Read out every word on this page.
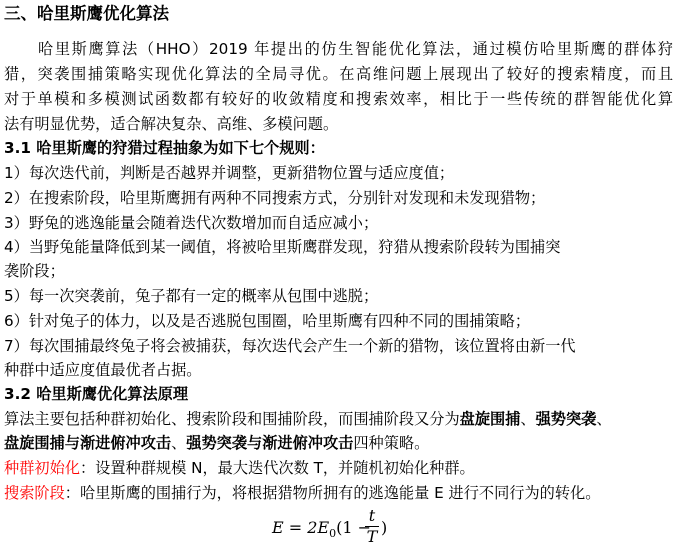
三、哈里斯鹰优化算法
哈里斯鹰算法（HHO）2019 年提出的仿生智能优化算法，通过模仿哈里斯鹰的群体狩
猎，突袭围捕策略实现优化算法的全局寻优。在高维问题上展现出了较好的搜索精度，而且
对于单模和多模测试函数都有较好的收敛精度和搜索效率，相比于一些传统的群智能优化算
法有明显优势，适合解决复杂、高维、多模问题。
3.1 哈里斯鹰的狩猎过程抽象为如下七个规则：
1）每次迭代前，判断是否越界并调整，更新猎物位置与适应度值；
2）在搜索阶段，哈里斯鹰拥有两种不同搜索方式，分别针对发现和未发现猎物；
3）野兔的逃逸能量会随着迭代次数增加而自适应减小；
4）当野兔能量降低到某一阈值，将被哈里斯鹰群发现，狩猎从搜索阶段转为围捕突
袭阶段；
5）每一次突袭前，兔子都有一定的概率从包围中逃脱；
6）针对兔子的体力，以及是否逃脱包围圈，哈里斯鹰有四种不同的围捕策略；
7）每次围捕最终兔子将会被捕获，每次迭代会产生一个新的猎物，该位置将由新一代
种群中适应度值最优者占据。
3.2 哈里斯鹰优化算法原理
算法主要包括种群初始化、搜索阶段和围捕阶段，而围捕阶段又分为盘旋围捕、强势突袭、
盘旋围捕与渐进俯冲攻击、强势突袭与渐进俯冲攻击四种策略。
种群初始化：设置种群规模 N，最大迭代次数 T，并随机初始化种群。
搜索阶段：哈里斯鹰的围捕行为，将根据猎物所拥有的逃逸能量 E 进行不同行为的转化。
$E = 2E_0(1$ −
t
T )
